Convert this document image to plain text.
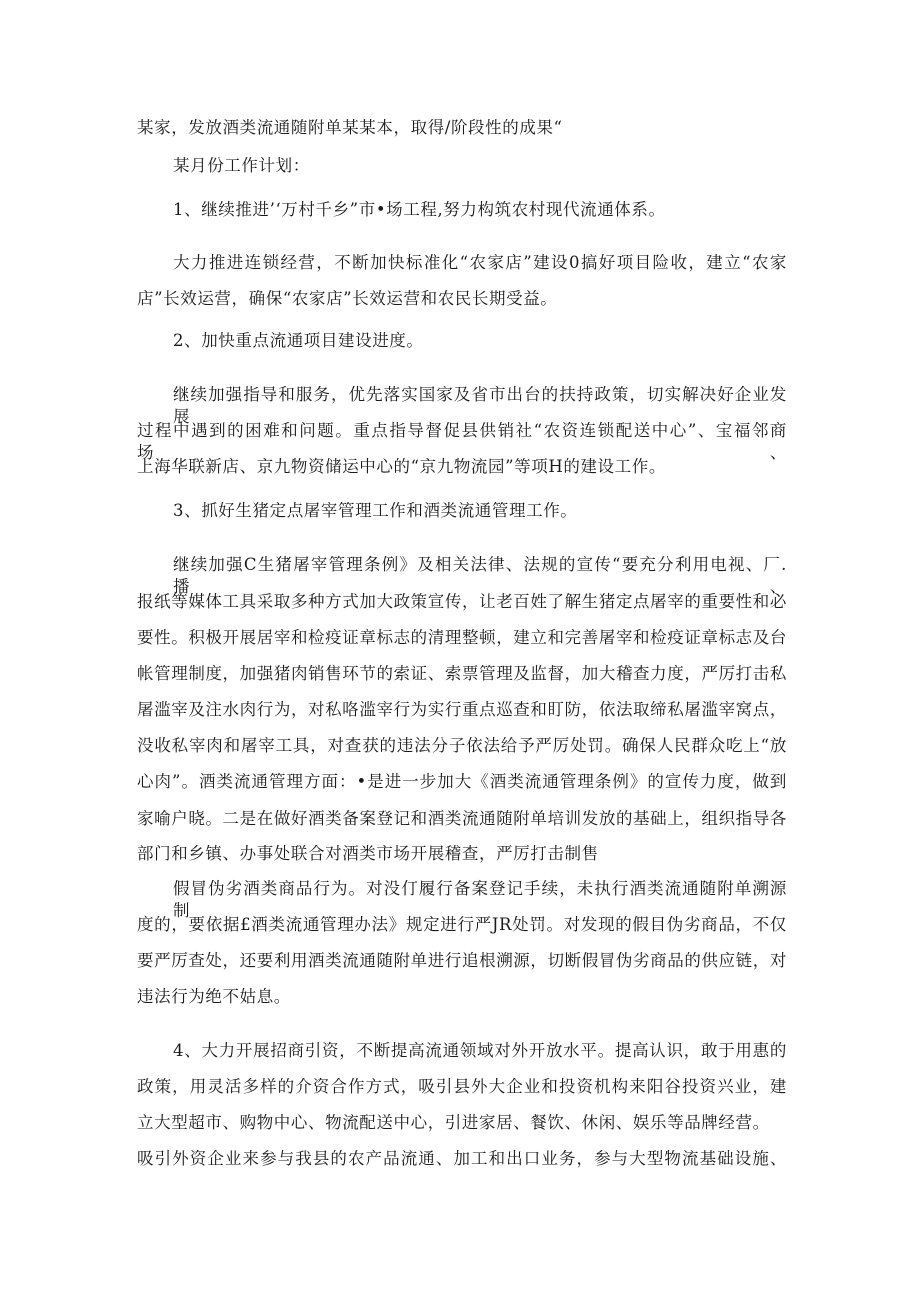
某家，发放酒类流通随附单某某本，取得/阶段性的成果“
某月份工作计划：
1、继续推进’‘万村千乡”市•场工程,努力构筑农村现代流通体系。
大力推进连锁经营，不断加快标准化“农家店”建设0搞好项目险收，建立“农家
店”长效运营，确保“农家店”长效运营和农民长期受益。
2、加快重点流通项目建设进度。
继续加强指导和服务，优先落实国家及省市出台的扶持政策，切实解决好企业发展
过程中遇到的困难和问题。重点指导督促县供销社“农资连锁配送中心”、宝福邻商场、
上海华联新店、京九物资储运中心的“京九物流园”等项H的建设工作。
3、抓好生猪定点屠宰管理工作和酒类流通管理工作。
继续加强C生猪屠宰管理条例》及相关法律、法规的宣传“要充分利用电视、厂.播、
报纸等媒体工具采取多种方式加大政策宣传，让老百姓了解生猪定点屠宰的重要性和必
要性。积极开展居宰和检疫证章标志的清理整顿，建立和完善屠宰和检疫证章标志及台
帐管理制度，加强猪肉销售环节的索证、索票管理及监督，加大稽查力度，严厉打击私
屠滥宰及注水肉行为，对私咯滥宰行为实行重点巡查和盯防，依法取缔私屠滥宰窝点，
没收私宰肉和屠宰工具，对查获的违法分子依法给予严厉处罚。确保人民群众吃上“放
心肉”。酒类流通管理方面：•是进一步加大《酒类流通管理条例》的宣传力度，做到
家喻户晓。二是在做好酒类备案登记和酒类流通随附单培训发放的基础上，组织指导各
部门和乡镇、办事处联合对酒类市场开展稽查，严厉打击制售
假冒伪劣酒类商品行为。对没仃履行备案登记手续，未执行酒类流通随附单溯源制
度的，要依据£酒类流通管理办法》规定进行严JR处罚。对发现的假目伪劣商品，不仅
要严厉查处，还要利用酒类流通随附单进行追根溯源，切断假冒伪劣商品的供应链，对
违法行为绝不姑息。
4、大力开展招商引资，不断提高流通领域对外开放水平。提高认识，敢于用惠的
政策，用灵活多样的介资合作方式，吸引县外大企业和投资机构来阳谷投资兴业，建
立大型超市、购物中心、物流配送中心，引进家居、餐饮、休闲、娱乐等品牌经营。
吸引外资企业来参与我县的农产品流通、加工和出口业务，参与大型物流基础设施、
